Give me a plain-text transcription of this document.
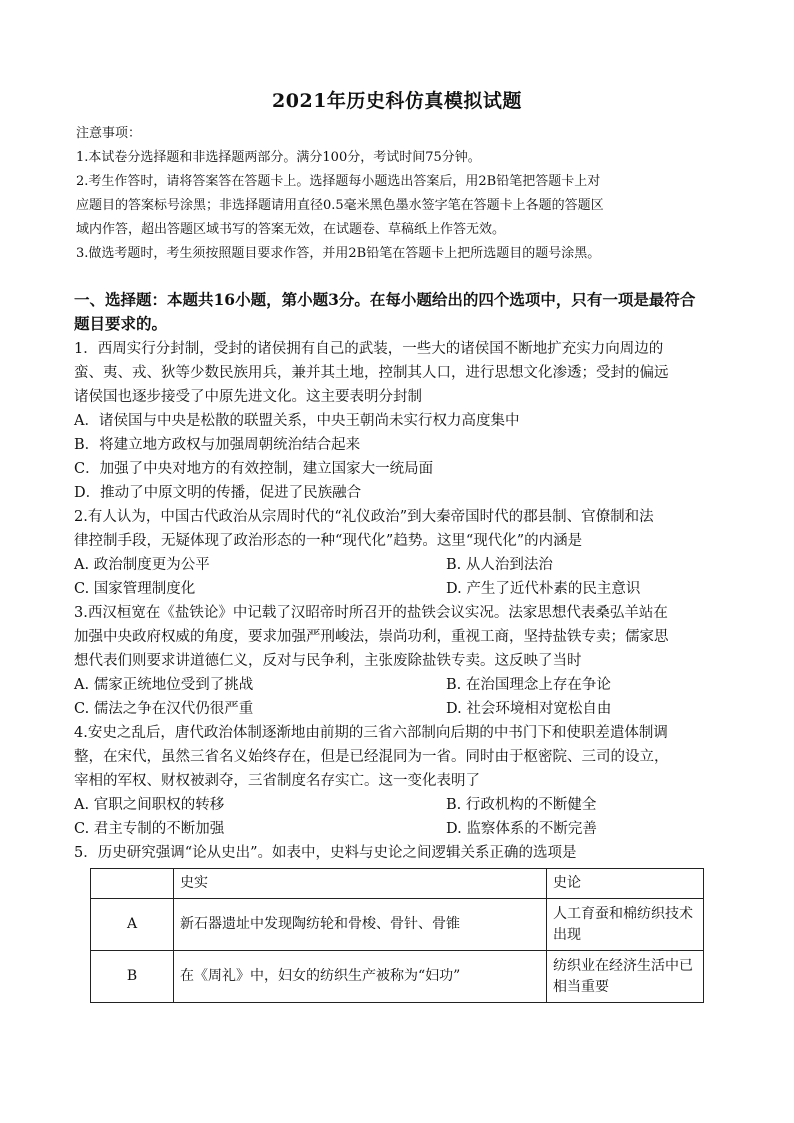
2021年历史科仿真模拟试题
注意事项：
1.本试卷分选择题和非选择题两部分。满分100分，考试时间75分钟。
2.考生作答时，请将答案答在答题卡上。选择题每小题选出答案后，用2B铅笔把答题卡上对
应题目的答案标号涂黑；非选择题请用直径0.5毫米黑色墨水签字笔在答题卡上各题的答题区
域内作答，超出答题区域书写的答案无效，在试题卷、草稿纸上作答无效。
3.做选考题时，考生须按照题目要求作答，并用2B铅笔在答题卡上把所选题目的题号涂黑。
一、选择题：本题共16小题，第小题3分。在每小题给出的四个选项中，只有一项是最符合
题目要求的。
1．西周实行分封制，受封的诸侯拥有自己的武装，一些大的诸侯国不断地扩充实力向周边的
蛮、夷、戎、狄等少数民族用兵，兼并其土地，控制其人口，进行思想文化渗透；受封的偏远
诸侯国也逐步接受了中原先进文化。这主要表明分封制
A．诸侯国与中央是松散的联盟关系，中央王朝尚未实行权力高度集中
B．将建立地方政权与加强周朝统治结合起来
C．加强了中央对地方的有效控制，建立国家大一统局面
D．推动了中原文明的传播，促进了民族融合
2.有人认为，中国古代政治从宗周时代的“礼仪政治”到大秦帝国时代的郡县制、官僚制和法
律控制手段，无疑体现了政治形态的一种“现代化”趋势。这里“现代化”的内涵是
A. 政治制度更为公平	B. 从人治到法治
C. 国家管理制度化	D. 产生了近代朴素的民主意识
3.西汉桓宽在《盐铁论》中记载了汉昭帝时所召开的盐铁会议实况。法家思想代表桑弘羊站在
加强中央政府权威的角度，要求加强严刑峻法，崇尚功利，重视工商，坚持盐铁专卖；儒家思
想代表们则要求讲道德仁义，反对与民争利，主张废除盐铁专卖。这反映了当时
A. 儒家正统地位受到了挑战	B. 在治国理念上存在争论
C. 儒法之争在汉代仍很严重	D. 社会环境相对宽松自由
4.安史之乱后，唐代政治体制逐渐地由前期的三省六部制向后期的中书门下和使职差遣体制调
整，在宋代，虽然三省名义始终存在，但是已经混同为一省。同时由于枢密院、三司的设立，
宰相的军权、财权被剥夺，三省制度名存实亡。这一变化表明了
A. 官职之间职权的转移	B. 行政机构的不断健全
C. 君主专制的不断加强	D. 监察体系的不断完善
5．历史研究强调“论从史出”。如表中，史料与史论之间逻辑关系正确的选项是
	史实	史论
A	新石器遗址中发现陶纺轮和骨梭、骨针、骨锥	人工育蚕和棉纺织技术出现
B	在《周礼》中，妇女的纺织生产被称为“妇功”	纺织业在经济生活中已相当重要
